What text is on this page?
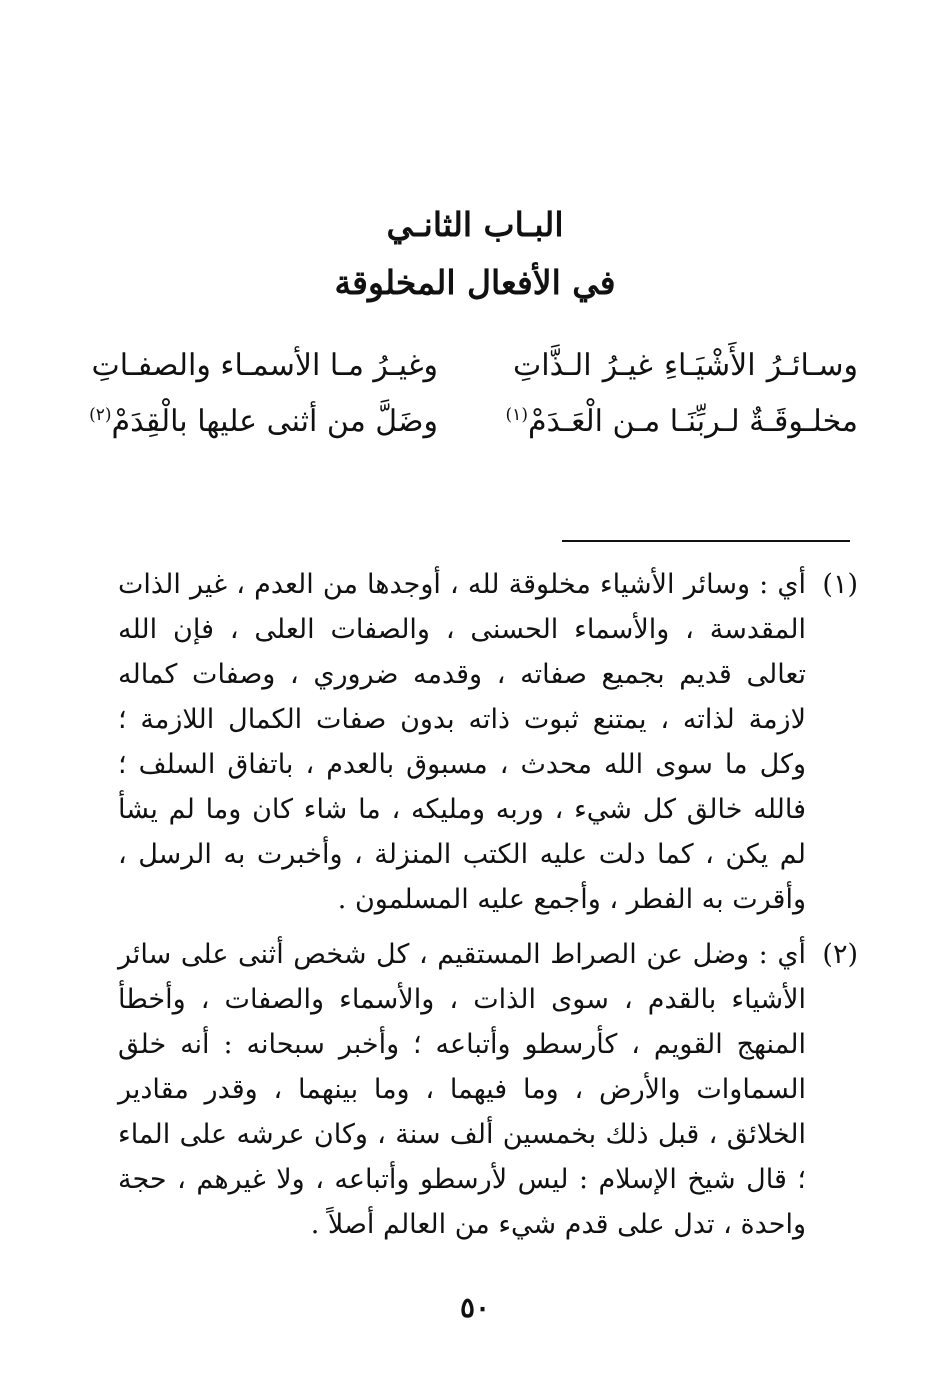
البـاب الثانـي
في الأفعال المخلوقة
وسـائـرُ الأَشْيَـاءِ غيـرُ الـذَّاتِ
وغيـرُ مـا الأسمـاء والصفـاتِ
مخلـوقَـةٌ لـربِّنَـا مـن الْعَـدَمْ$^{(١)}$
وضَلَّ من أثنى عليها بالْقِدَمْ$^{(٢)}$
(١)
أي : وسائر الأشياء مخلوقة لله ، أوجدها من العدم ، غير الذات المقدسة ، والأسماء الحسنى ، والصفات العلى ، فإن الله تعالى قديم بجميع صفاته ، وقدمه ضروري ، وصفات كماله لازمة لذاته ، يمتنع ثبوت ذاته بدون صفات الكمال اللازمة ؛ وكل ما سوى الله محدث ، مسبوق بالعدم ، باتفاق السلف ؛ فالله خالق كل شيء ، وربه ومليكه ، ما شاء كان وما لم يشأ لم يكن ، كما دلت عليه الكتب المنزلة ، وأخبرت به الرسل ، وأقرت به الفطر ، وأجمع عليه المسلمون .
(٢)
أي : وضل عن الصراط المستقيم ، كل شخص أثنى على سائر الأشياء بالقدم ، سوى الذات ، والأسماء والصفات ، وأخطأ المنهج القويم ، كأرسطو وأتباعه ؛ وأخبر سبحانه : أنه خلق السماوات والأرض ، وما فيهما ، وما بينهما ، وقدر مقادير الخلائق ، قبل ذلك بخمسين ألف سنة ، وكان عرشه على الماء ؛ قال شيخ الإسلام : ليس لأرسطو وأتباعه ، ولا غيرهم ، حجة واحدة ، تدل على قدم شيء من العالم أصلاً .
٥٠
